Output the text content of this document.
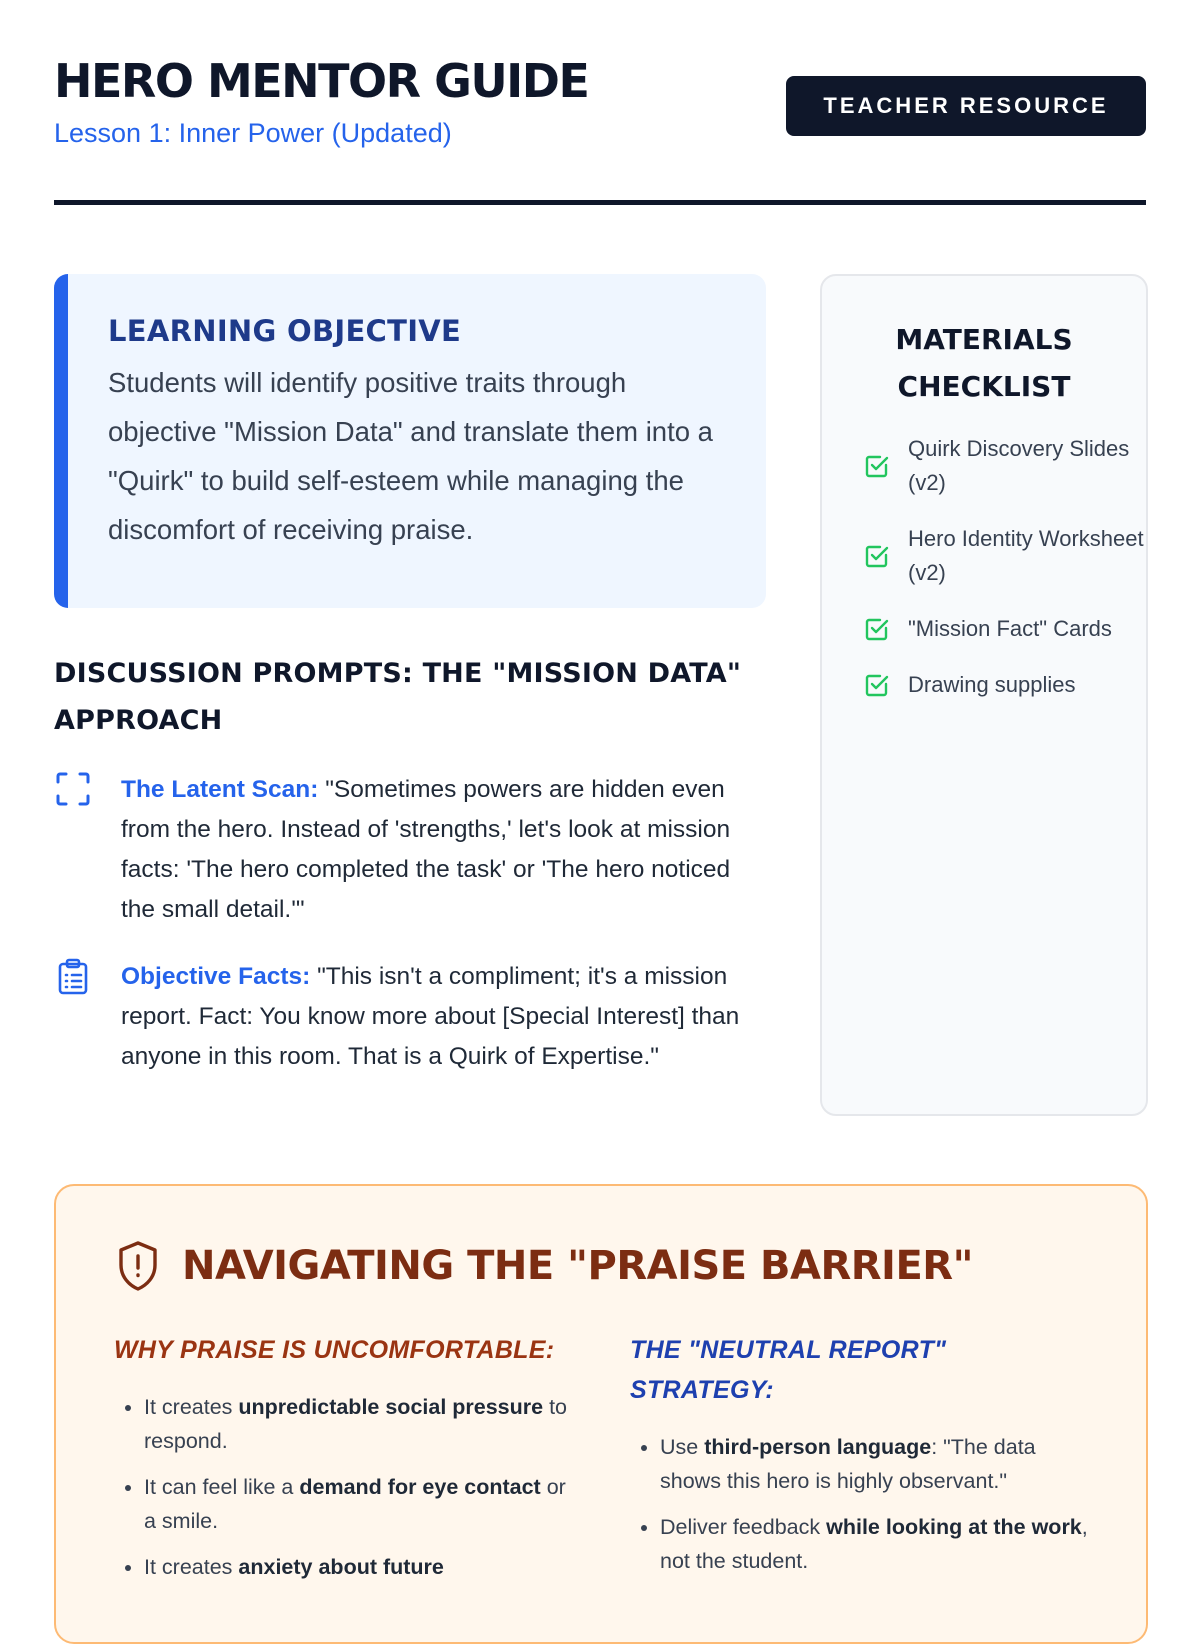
HERO MENTOR GUIDE
Lesson 1: Inner Power (Updated)
TEACHER RESOURCE
LEARNING OBJECTIVE

Students will identify positive traits through objective "Mission Data" and translate them into a "Quirk" to build self-esteem while managing the discomfort of receiving praise.

DISCUSSION PROMPTS: THE "MISSION DATA" APPROACH
The Latent Scan: "Sometimes powers are hidden even from the hero. Instead of 'strengths,' let's look at mission facts: 'The hero completed the task' or 'The hero noticed the small detail.'"
Objective Facts: "This isn't a compliment; it's a mission report. Fact: You know more about [Special Interest] than anyone in this room. That is a Quirk of Expertise."
MATERIALS
CHECKLIST
Quirk Discovery Slides (v2)
Hero Identity Worksheet (v2)
"Mission Fact" Cards
Drawing supplies
NAVIGATING THE "PRAISE BARRIER"
WHY PRAISE IS UNCOMFORTABLE:
• It creates unpredictable social pressure to respond.
• It can feel like a demand for eye contact or a smile.
• It creates anxiety about future
THE "NEUTRAL REPORT" STRATEGY:
• Use third-person language: "The data shows this hero is highly observant."
• Deliver feedback while looking at the work, not the student.
